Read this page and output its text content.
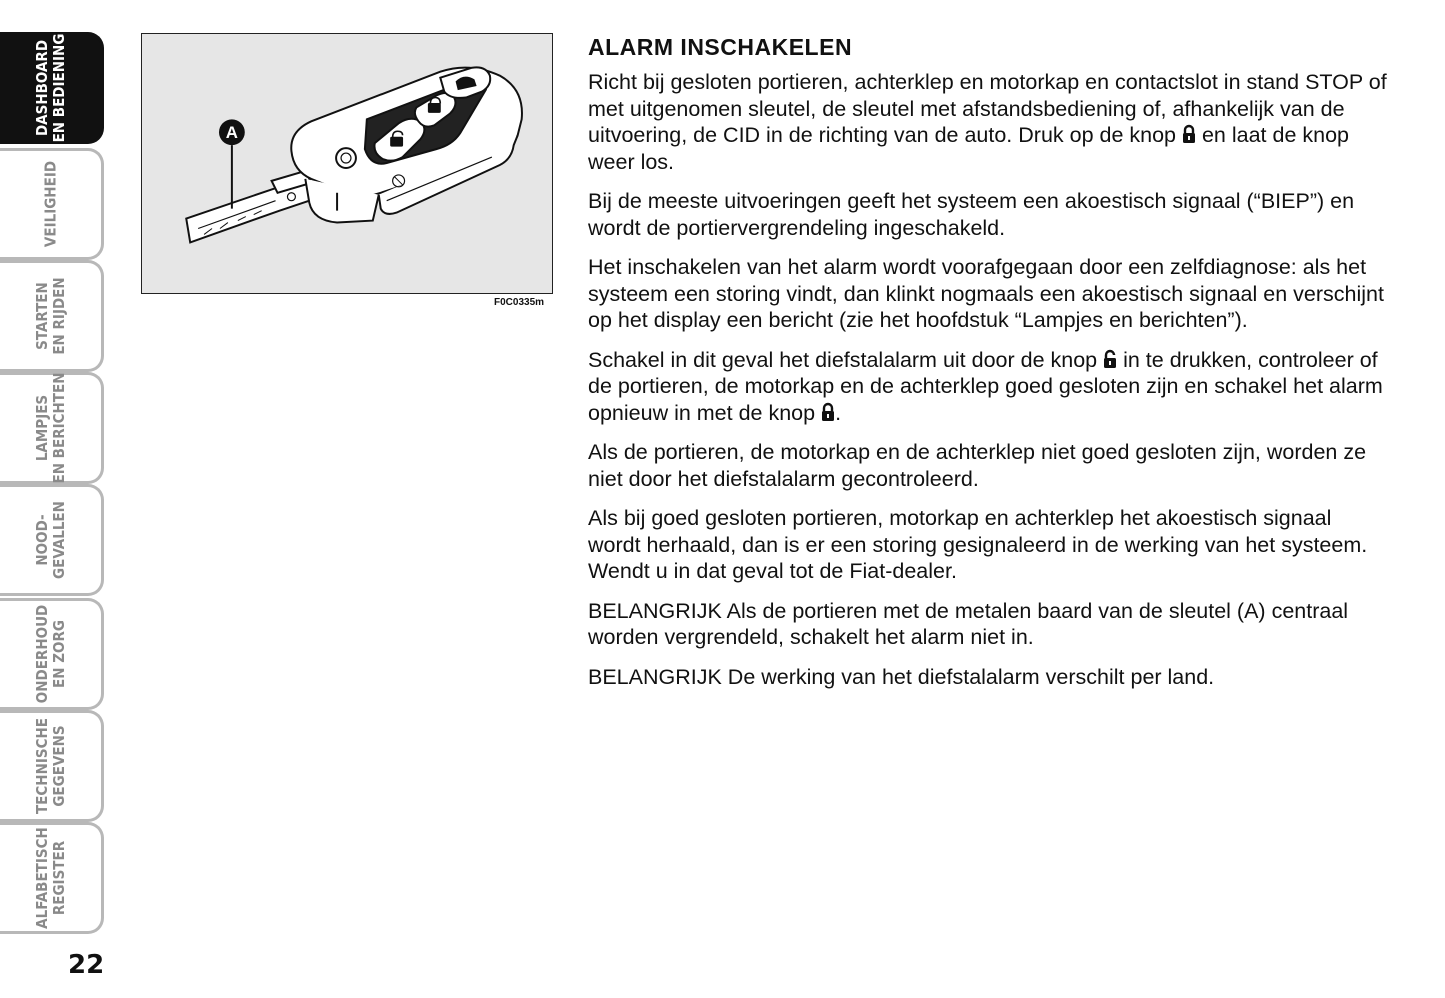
DASHBOARD
EN BEDIENING
VEILIGHEID
STARTEN
EN RIJDEN
LAMPJES
EN BERICHTEN
NOOD-
GEVALLEN
ONDERHOUD
EN ZORG
TECHNISCHE
GEGEVENS
ALFABETISCH
REGISTER
22
A
F0C0335m
ALARM INSCHAKELEN

Richt bij gesloten portieren, achterklep en motorkap en contactslot in stand STOP of met uitgenomen sleutel, de sleutel met afstandsbediening of, afhankelijk van de uitvoering, de CID in de richting van de auto. Druk op de knop  en laat de knop weer los.

Bij de meeste uitvoeringen geeft het systeem een akoestisch signaal (“BIEP”) en wordt de portiervergrendeling ingeschakeld.

Het inschakelen van het alarm wordt voorafgegaan door een zelfdiagnose: als het systeem een storing vindt, dan klinkt nogmaals een akoestisch signaal en verschijnt op het display een bericht (zie het hoofdstuk “Lampjes en berichten”).

Schakel in dit geval het diefstalalarm uit door de knop  in te drukken, controleer of de portieren, de motorkap en de achterklep goed gesloten zijn en schakel het alarm opnieuw in met de knop .

Als de portieren, de motorkap en de achterklep niet goed gesloten zijn, worden ze niet door het diefstalalarm gecontroleerd.

Als bij goed gesloten portieren, motorkap en achterklep het akoestisch signaal wordt herhaald, dan is er een storing gesignaleerd in de werking van het systeem. Wendt u in dat geval tot de Fiat-dealer.

BELANGRIJK Als de portieren met de metalen baard van de sleutel (A) centraal worden vergrendeld, schakelt het alarm niet in.

BELANGRIJK De werking van het diefstalalarm verschilt per land.
